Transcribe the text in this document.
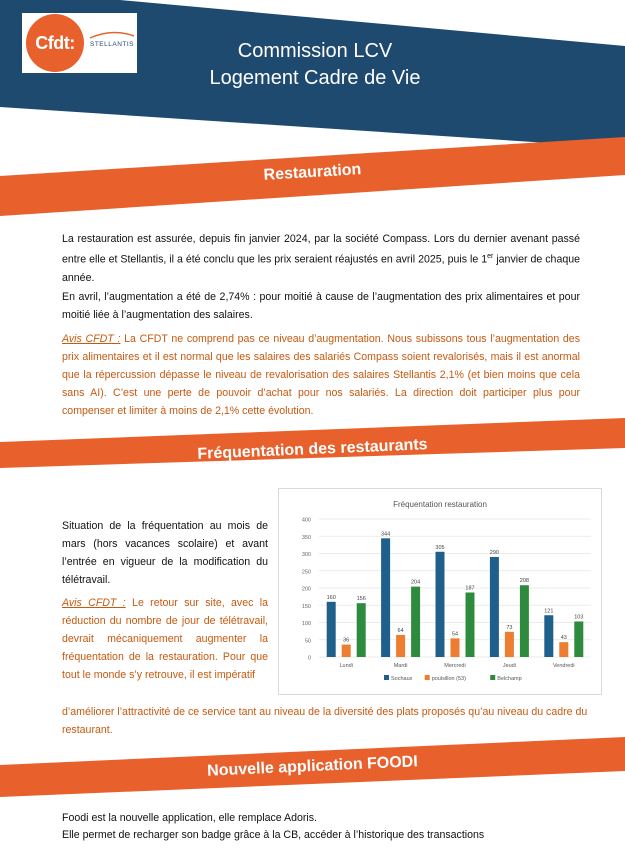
Cfdt:	STELLANTIS	Commission LCV
Logement Cadre de Vie
Restauration
La restauration est assurée, depuis fin janvier 2024, par la société Compass. Lors du dernier avenant passé entre elle et Stellantis, il a été conclu que les prix seraient réajustés en avril 2025, puis le 1er janvier de chaque année.
En avril, l’augmentation a été de 2,74% : pour moitié à cause de l’augmentation des prix alimentaires et pour moitié liée à l’augmentation des salaires.
Avis CFDT : La CFDT ne comprend pas ce niveau d’augmentation. Nous subissons tous l’augmentation des prix alimentaires et il est normal que les salaires des salariés Compass soient revalorisés, mais il est anormal que la répercussion dépasse le niveau de revalorisation des salaires Stellantis 2,1% (et bien moins que cela sans AI). C’est une perte de pouvoir d’achat pour nos salariés. La direction doit participer plus pour compenser et limiter à moins de 2,1% cette évolution.
Fréquentation des restaurants
Situation de la fréquentation au mois de mars (hors vacances scolaire) et avant l’entrée en vigueur de la modification du télétravail.
Avis CFDT : Le retour sur site, avec la réduction du nombre de jour de télétravail, devrait mécaniquement augmenter la fréquentation de la restauration. Pour que tout le monde s’y retrouve, il est impératif
d’améliorer l’attractivité de ce service tant au niveau de la diversité des plats proposés qu’au niveau du cadre du restaurant.
Fréquentation restauration
0
50
100
150
200
250
300
350
400
160
36
156
Lundi
344
64
204
Mardi
305
54
187
Mercredi
290
73
208
Jeudi
121
43
103
Vendredi
Sochaux	poulsillon (53)	Belchamp
Nouvelle application FOODI
Foodi est la nouvelle application, elle remplace Adoris.
Elle permet de recharger son badge grâce à la CB, accéder à l’historique des transactions
